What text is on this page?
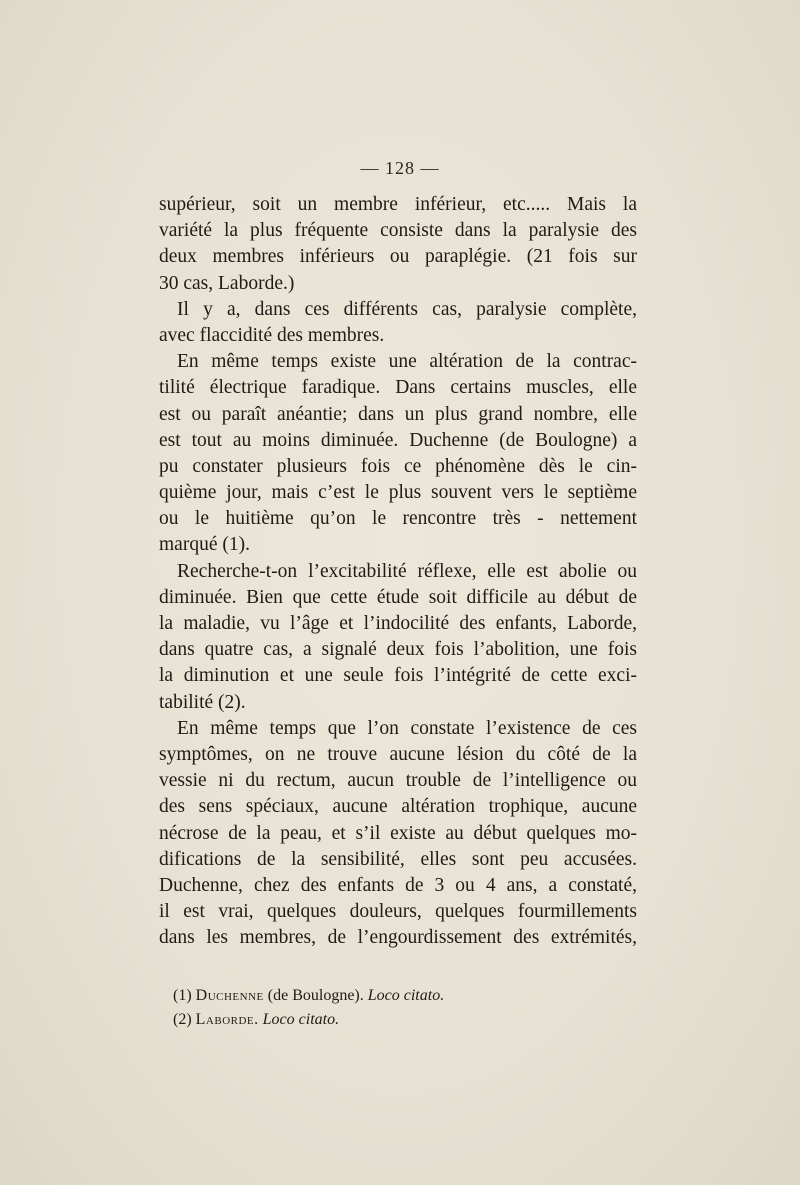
— 128 —
supérieur, soit un membre inférieur, etc..... Mais la
variété la plus fréquente consiste dans la paralysie des
deux membres inférieurs ou paraplégie. (21 fois sur
30 cas, Laborde.)
Il y a, dans ces différents cas, paralysie complète,
avec flaccidité des membres.
En même temps existe une altération de la contrac-
tilité électrique faradique. Dans certains muscles, elle
est ou paraît anéantie; dans un plus grand nombre, elle
est tout au moins diminuée. Duchenne (de Boulogne) a
pu constater plusieurs fois ce phénomène dès le cin-
quième jour, mais c’est le plus souvent vers le septième
ou le huitième qu’on le rencontre très - nettement
marqué (1).
Recherche-t-on l’excitabilité réflexe, elle est abolie ou
diminuée. Bien que cette étude soit difficile au début de
la maladie, vu l’âge et l’indocilité des enfants, Laborde,
dans quatre cas, a signalé deux fois l’abolition, une fois
la diminution et une seule fois l’intégrité de cette exci-
tabilité (2).
En même temps que l’on constate l’existence de ces
symptômes, on ne trouve aucune lésion du côté de la
vessie ni du rectum, aucun trouble de l’intelligence ou
des sens spéciaux, aucune altération trophique, aucune
nécrose de la peau, et s’il existe au début quelques mo-
difications de la sensibilité, elles sont peu accusées.
Duchenne, chez des enfants de 3 ou 4 ans, a constaté,
il est vrai, quelques douleurs, quelques fourmillements
dans les membres, de l’engourdissement des extrémités,
(1) Duchenne (de Boulogne). Loco citato.
(2) Laborde. Loco citato.
